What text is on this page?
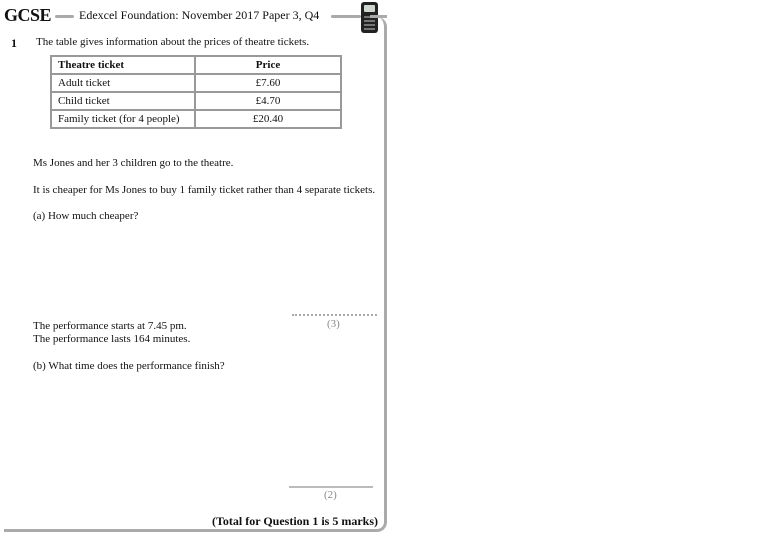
GCSE Edexcel Foundation: November 2017 Paper 3, Q4
1 The table gives information about the prices of theatre tickets.
Theatre ticket	Price
Adult ticket	£7.60
Child ticket	£4.70
Family ticket (for 4 people)	£20.40
Ms Jones and her 3 children go to the theatre.
It is cheaper for Ms Jones to buy 1 family ticket rather than 4 separate tickets.
(a) How much cheaper?
(3)
The performance starts at 7.45 pm.
The performance lasts 164 minutes.
(b) What time does the performance finish?
(2)
(Total for Question 1 is 5 marks)
